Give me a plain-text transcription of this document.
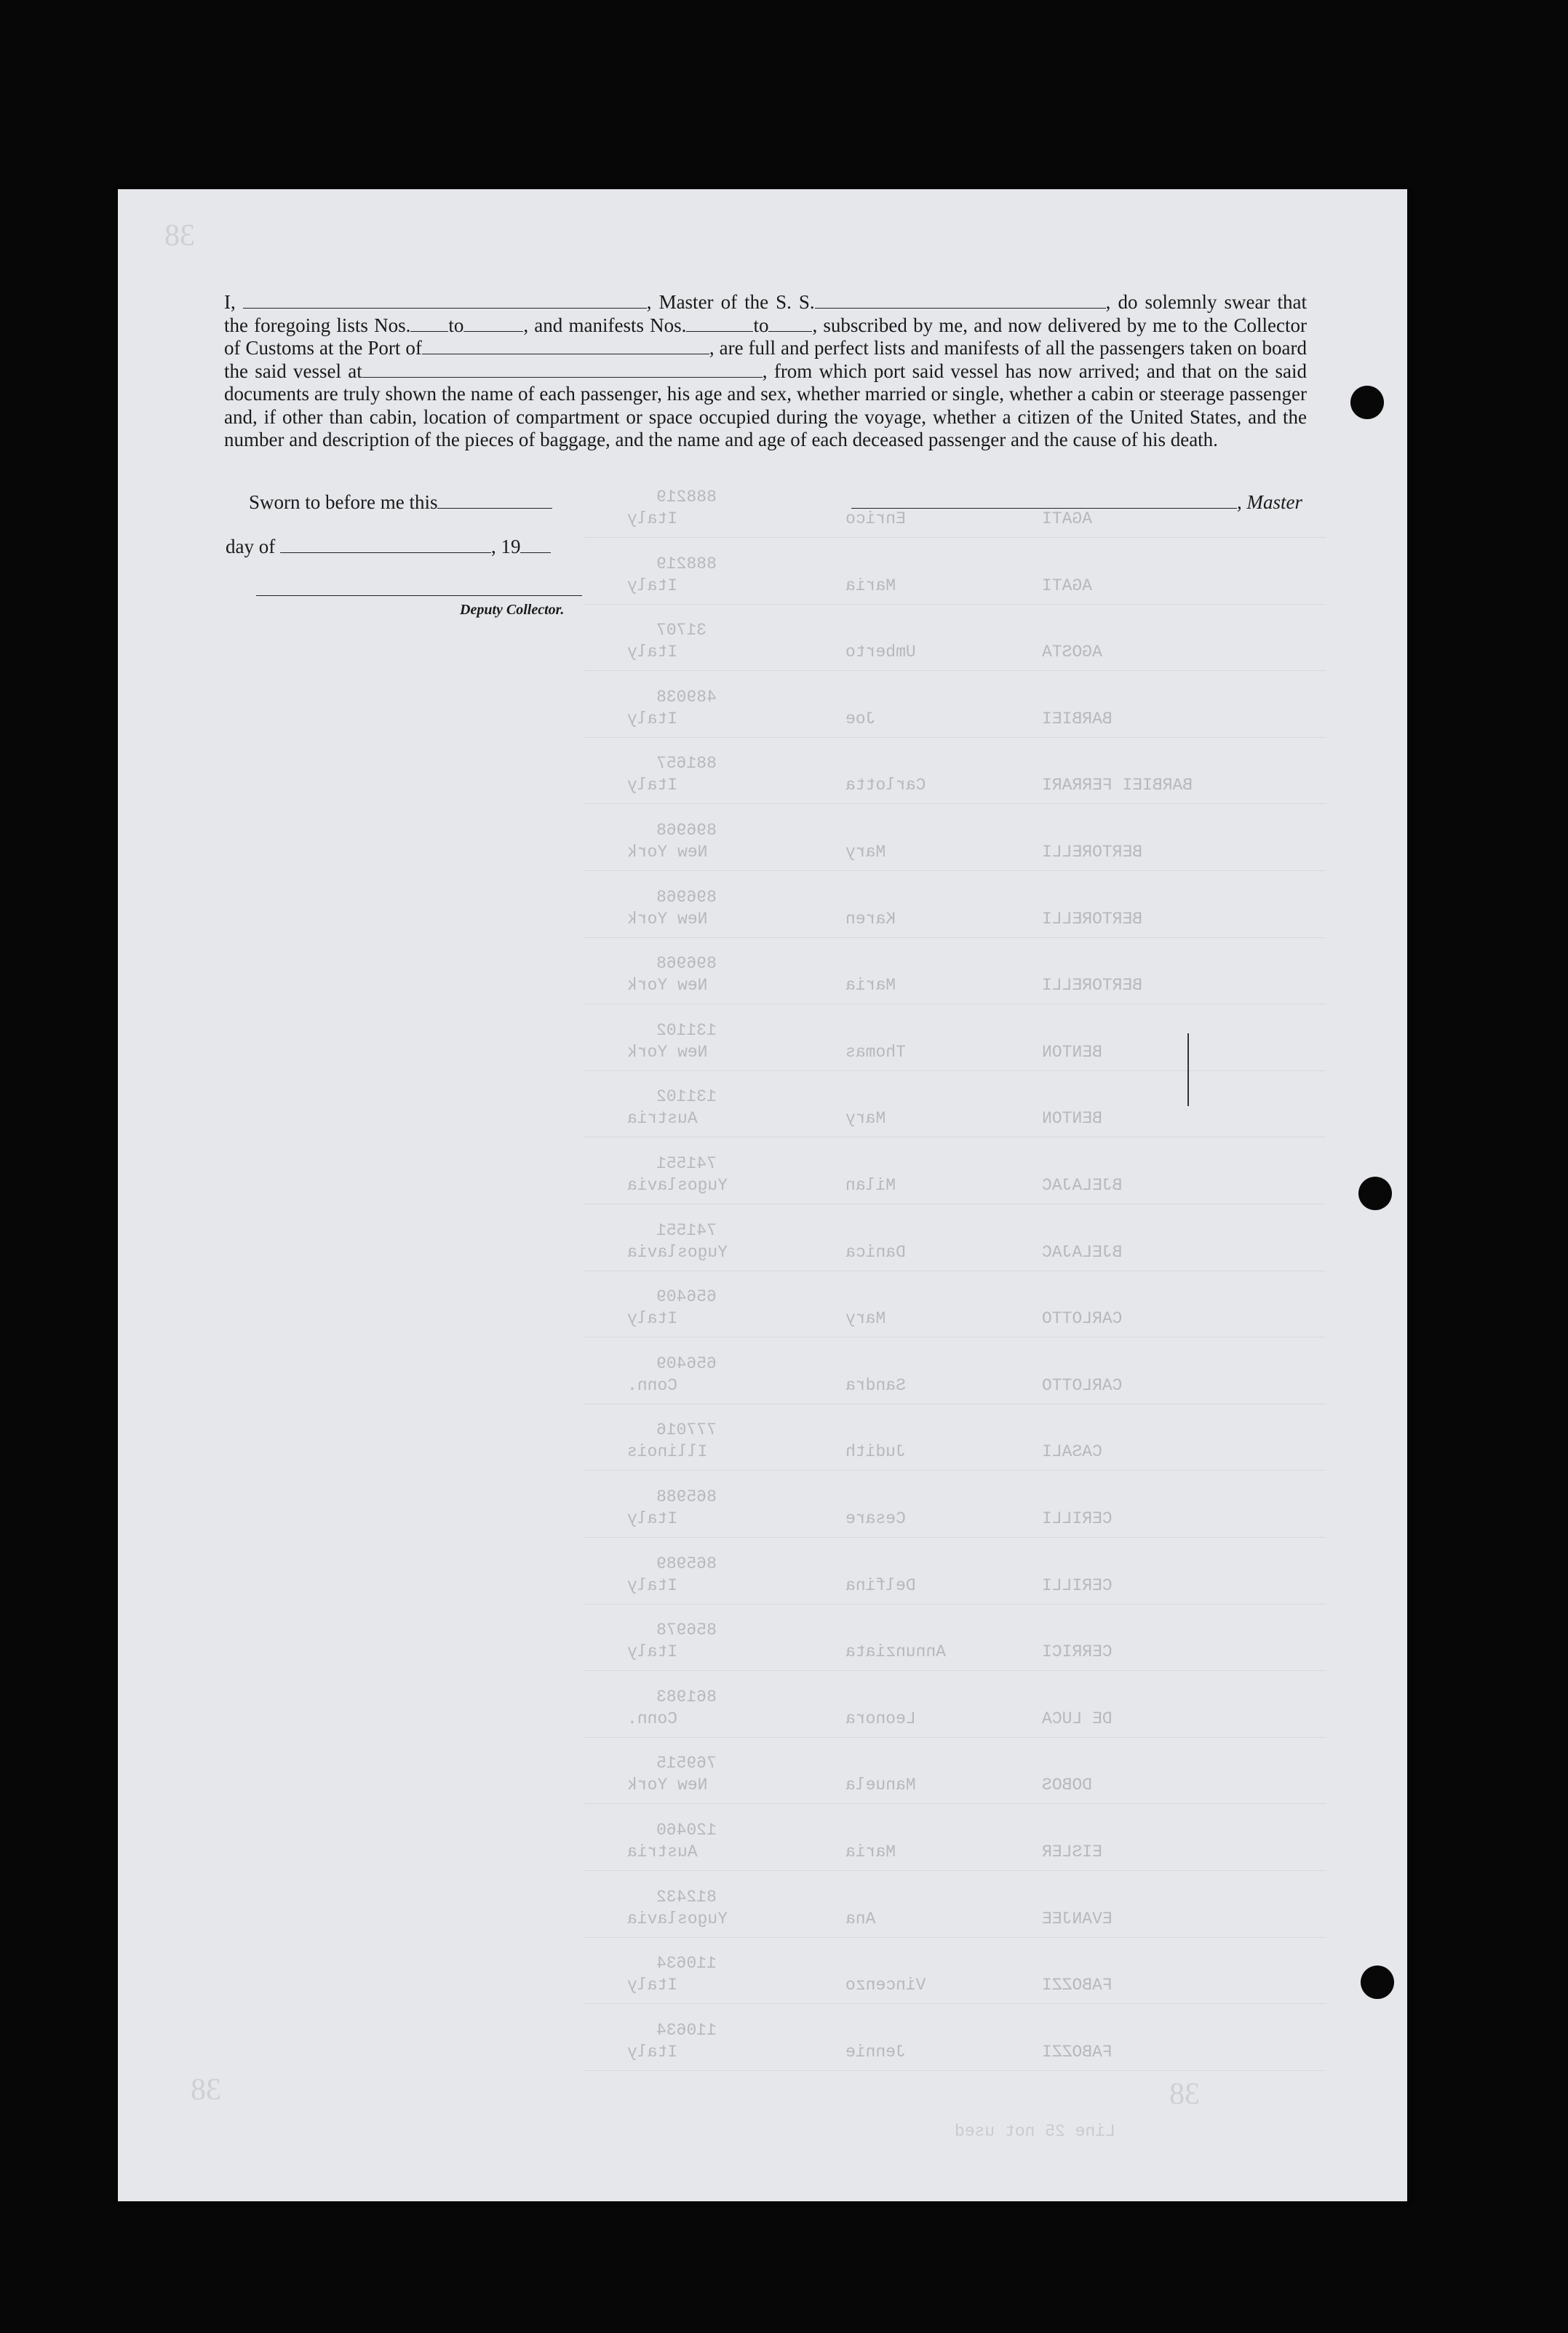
38
38	38
Line 25 not used

I,	, Master of the S. S.	, do solemnly swear that the foregoing lists Nos. to	, and manifests Nos.	to , subscribed by me, and now delivered by me to the Collector of Customs at the Port of	, are full and perfect lists and manifests of all the passengers taken on board the said vessel at	, from which port said vessel has now arrived; and that on the said documents are truly shown the name of each passenger, his age and sex, whether married or single, whether a cabin or steerage passenger and, if other than cabin, location of compartment or space occupied during the voyage, whether a citizen of the United States, and the number and description of the pieces of baggage, and the name and age of each deceased passenger and the cause of his death.

Sworn to before me this
day of	, 19
Deputy Collector.
, Master
888219
Italy	Enrico	AGATI
888219
Italy	Maria	AGATI
31707
Italy	Umberto	AGOSTA
489038
Italy	Joe	BARBIEI
881657
Italy	Carlotta	BARBIEI FERRARI
896968
New York	Mary	BERTORELLI
896968
New York	Karen	BERTORELLI
896968
New York	Maria	BERTORELLI
131102
New York	Thomas	BENTON
131102
Austria	Mary	BENTON
741551
Yugoslavia	Milan	BJELAJAC
741551
Yugoslavia	Danica	BJELAJAC
656409
Italy	Mary	CARLOTTO
656409
Conn.	Sandra	CARLOTTO
777016
Illinois	Judith	CASALI
865988
Italy	Cesare	CERILLI
865989
Italy	Delfina	CERILLI
856978
Italy	Annunziata	CERRICI
861983
Conn.	Leonora	DE LUCA
769515
New York	Manuela	DOBOS
120460
Austria	Maria	EISLER
812432
Yugoslavia	Ana	EVANJEE
110634
Italy	Vincenzo	FABOZZI
110634
Italy	Jennie	FABOZZI
